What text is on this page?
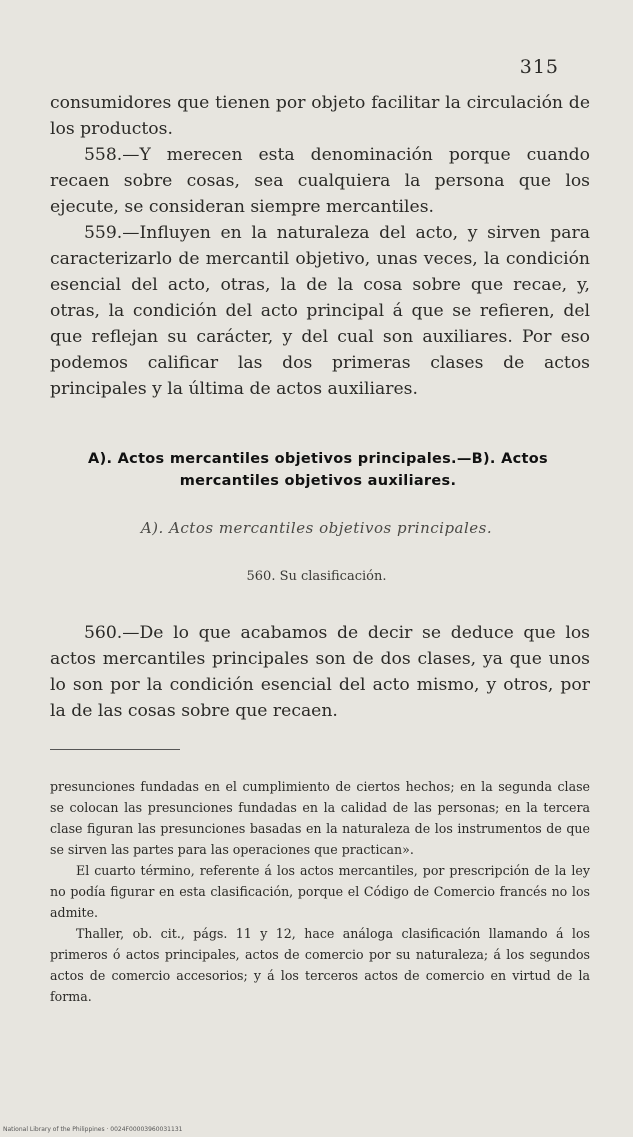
315

consumidores que tienen por objeto facilitar la circulación de los productos.

558.—Y merecen esta denominación porque cuando recaen sobre cosas, sea cualquiera la persona que los ejecute, se consideran siempre mercantiles.

559.—Influyen en la naturaleza del acto, y sirven para caracterizarlo de mercantil objetivo, unas veces, la condición esencial del acto, otras, la de la cosa sobre que recae, y, otras, la condición del acto principal á que se refieren, del que reflejan su carácter, y del cual son auxiliares. Por eso podemos calificar las dos primeras clases de actos principales y la última de actos auxiliares.

A). Actos mercantiles objetivos principales.—B). Actos mercantiles objetivos auxiliares.
A). Actos mercantiles objetivos principales.
560. Su clasificación.

560.—De lo que acabamos de decir se deduce que los actos mercantiles principales son de dos clases, ya que unos lo son por la condición esencial del acto mismo, y otros, por la de las cosas sobre que recaen.

presunciones fundadas en el cumplimiento de ciertos hechos; en la segunda clase se colocan las presunciones fundadas en la calidad de las personas; en la tercera clase figuran las presunciones basadas en la naturaleza de los instrumentos de que se sirven las partes para las operaciones que practican».

El cuarto término, referente á los actos mercantiles, por prescripción de la ley no podía figurar en esta clasificación, porque el Código de Comercio francés no los admite.

Thaller, ob. cit., págs. 11 y 12, hace análoga clasificación llamando á los primeros ó actos principales, actos de comercio por su naturaleza; á los segundos actos de comercio accesorios; y á los terceros actos de comercio en virtud de la forma.

National Library of the Philippines · 0024F00003960031131
